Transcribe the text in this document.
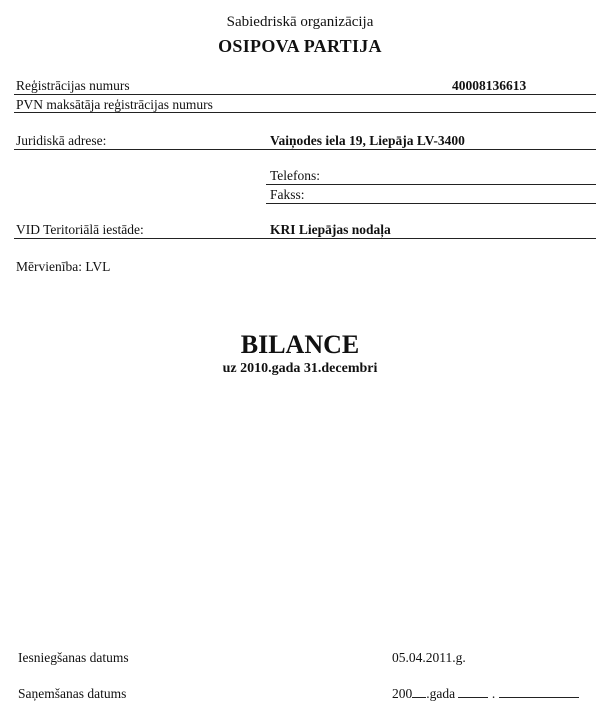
Sabiedriskā organizācija
OSIPOVA PARTIJA
Reģistrācijas numurs	40008136613
PVN maksātāja reģistrācijas numurs
Juridiskā adrese:	Vaiņodes iela 19, Liepāja LV-3400
Telefons:
Fakss:
VID Teritoriālā iestāde:	KRI Liepājas nodaļa
Mērvienība: LVL
BILANCE
uz 2010.gada 31.decembri
Iesniegšanas datums	05.04.2011.g.
Saņemšanas datums	200 .gada	.
